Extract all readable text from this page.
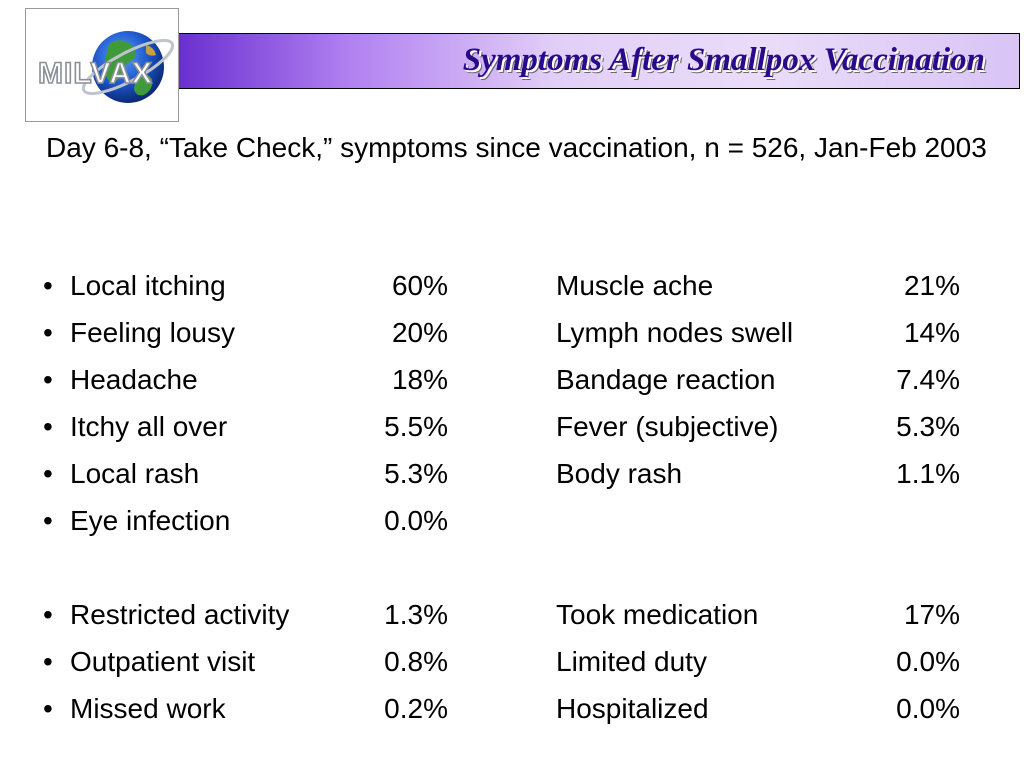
MILVAX	Symptoms After Smallpox Vaccination

Day 6-8, “Take Check,” symptoms since vaccination, n = 526, Jan-Feb 2003

• Local itching	60%	Muscle ache	21%
• Feeling lousy	20%	Lymph nodes swell	14%
• Headache	18%	Bandage reaction	7.4%
• Itchy all over	5.5%	Fever (subjective)	5.3%
• Local rash	5.3%	Body rash	1.1%
• Eye infection	0.0%
• Restricted activity	1.3%	Took medication	17%
• Outpatient visit	0.8%	Limited duty	0.0%
• Missed work	0.2%	Hospitalized	0.0%
